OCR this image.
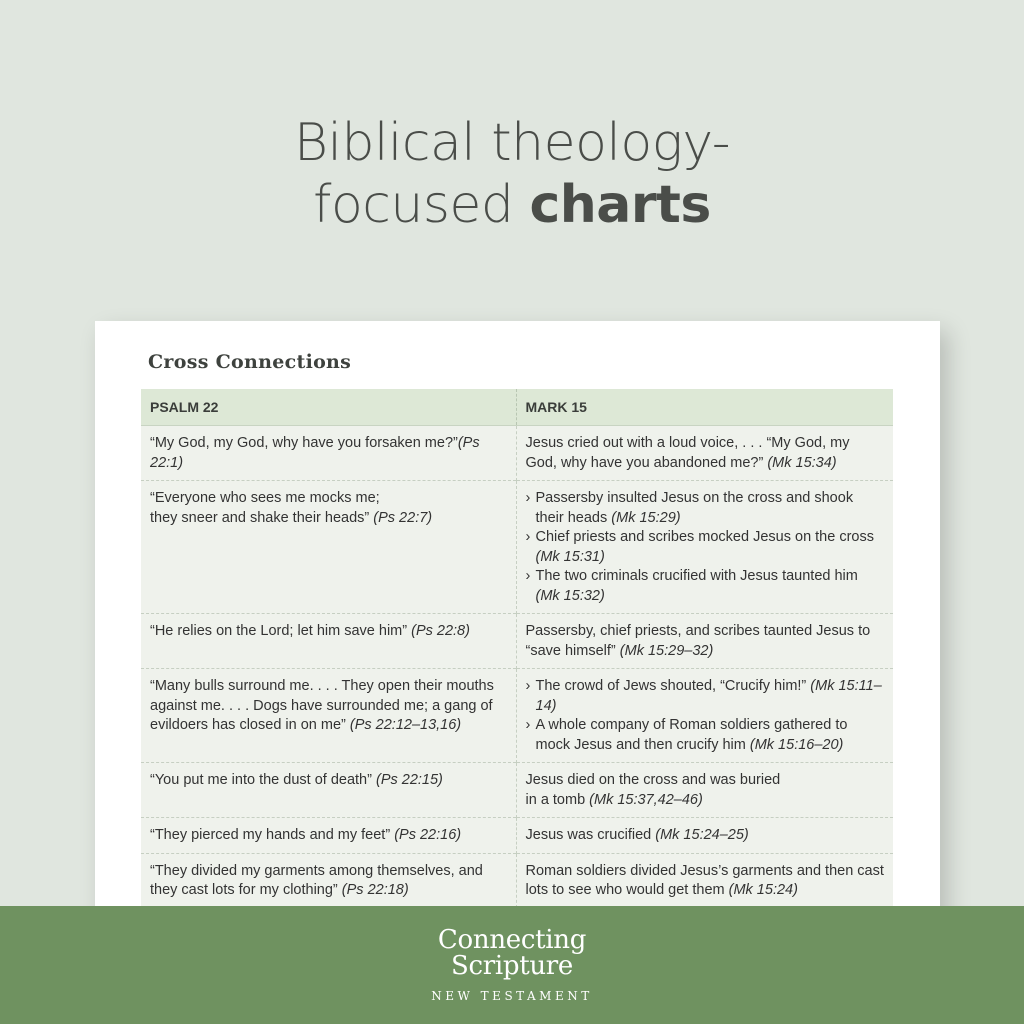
Biblical theology-
focused charts
Cross Connections
PSALM 22	MARK 15
“My God, my God, why have you forsaken me?”(Ps 22:1)	Jesus cried out with a loud voice, . . . “My God, my God, why have you abandoned me?” (Mk 15:34)
“Everyone who sees me mocks me;
they sneer and shake their heads” (Ps 22:7)	› Passersby insulted Jesus on the cross and shook their heads (Mk 15:29)
› Chief priests and scribes mocked Jesus on the cross (Mk 15:31)
› The two criminals crucified with Jesus taunted him (Mk 15:32)

“He relies on the Lord; let him save him” (Ps 22:8)	Passersby, chief priests, and scribes taunted Jesus to “save himself” (Mk 15:29–32)
“Many bulls surround me. . . . They open their mouths against me. . . . Dogs have surrounded me; a gang of evildoers has closed in on me” (Ps 22:12–13,16)	› The crowd of Jews shouted, “Crucify him!” (Mk 15:11–14)
› A whole company of Roman soldiers gathered to mock Jesus and then crucify him (Mk 15:16–20)

“You put me into the dust of death” (Ps 22:15)	Jesus died on the cross and was buried
in a tomb (Mk 15:37,42–46)
“They pierced my hands and my feet” (Ps 22:16)	Jesus was crucified (Mk 15:24–25)
“They divided my garments among themselves, and they cast lots for my clothing” (Ps 22:18)	Roman soldiers divided Jesus’s garments and then cast lots to see who would get them (Mk 15:24)
Connecting
Scripture
NEW TESTAMENT
